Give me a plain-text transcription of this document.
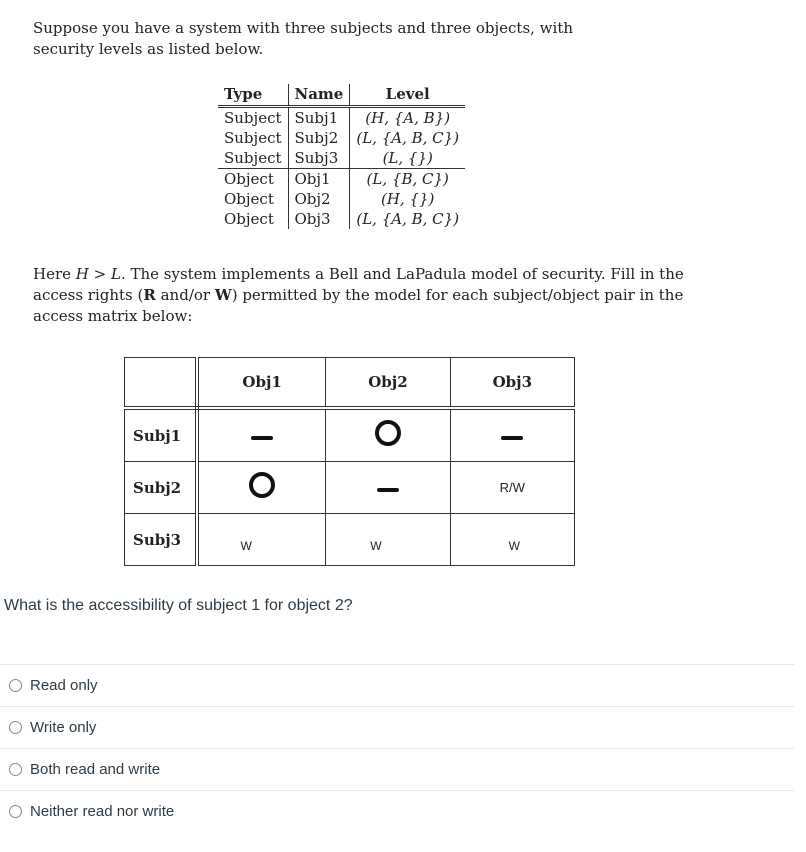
Suppose you have a system with three subjects and three objects, with security levels as listed below.
Type	Name	Level
Subject	Subj1	(H, {A, B})
Subject	Subj2	(L, {A, B, C})
Subject	Subj3	(L, {})
Object	Obj1	(L, {B, C})
Object	Obj2	(H, {})
Object	Obj3	(L, {A, B, C})
Here H > L. The system implements a Bell and LaPadula model of security. Fill in the access rights (R and/or W) permitted by the model for each subject/object pair in the access matrix below:
	Obj1	Obj2	Obj3
Subj1			
Subj2			R/W
Subj3	$_W$	$_W$	$_W$
What is the accessibility of subject 1 for object 2?
Read only
Write only
Both read and write
Neither read nor write
